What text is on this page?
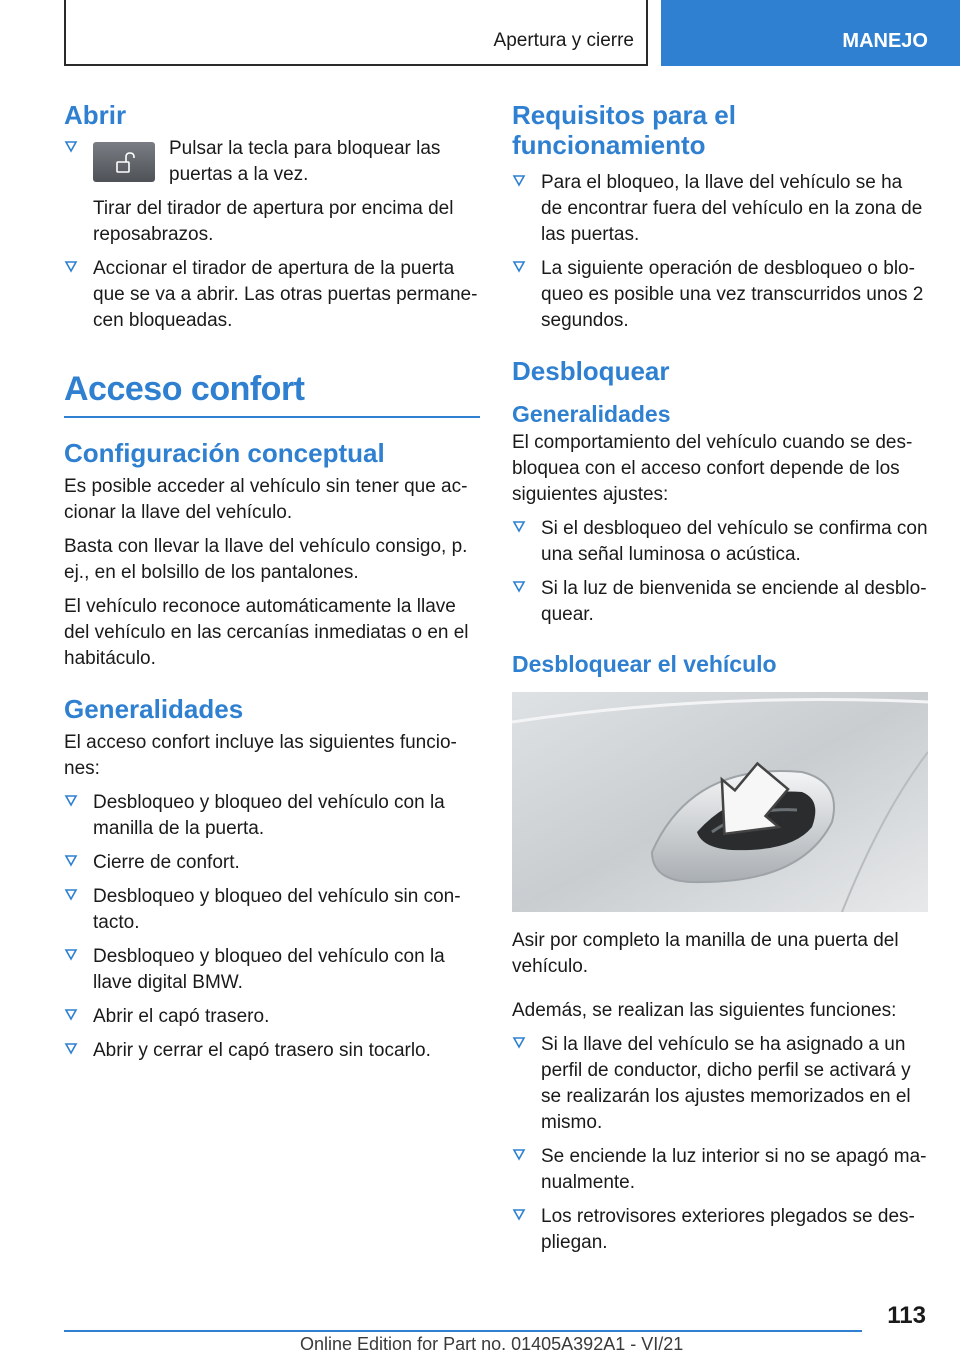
Apertura y cierre	MANEJO
Abrir
Pulsar la tecla para bloquear las puertas a la vez.

Tirar del tirador de apertura por encima del reposabrazos.

Accionar el tirador de apertura de la puerta que se va a abrir. Las otras puertas permane‐cen bloqueadas.
Acceso confort
Configuración conceptual

Es posible acceder al vehículo sin tener que ac‐cionar la llave del vehículo.

Basta con llevar la llave del vehículo consigo, p. ej., en el bolsillo de los pantalones.

El vehículo reconoce automáticamente la llave del vehículo en las cercanías inmediatas o en el habitáculo.

Generalidades

El acceso confort incluye las siguientes funcio‐nes:

Desbloqueo y bloqueo del vehículo con la manilla de la puerta.
Cierre de confort.
Desbloqueo y bloqueo del vehículo sin con‐tacto.
Desbloqueo y bloqueo del vehículo con la llave digital BMW.
Abrir el capó trasero.
Abrir y cerrar el capó trasero sin tocarlo.
Requisitos para el funcionamiento
Para el bloqueo, la llave del vehículo se ha de encontrar fuera del vehículo en la zona de las puertas.
La siguiente operación de desbloqueo o blo‐queo es posible una vez transcurridos unos 2 segundos.
Desbloquear
Generalidades

El comportamiento del vehículo cuando se des‐bloquea con el acceso confort depende de los siguientes ajustes:

Si el desbloqueo del vehículo se confirma con una señal luminosa o acústica.
Si la luz de bienvenida se enciende al desblo‐quear.
Desbloquear el vehículo

Asir por completo la manilla de una puerta del vehículo.

Además, se realizan las siguientes funciones:

Si la llave del vehículo se ha asignado a un perfil de conductor, dicho perfil se activará y se realizarán los ajustes memorizados en el mismo.
Se enciende la luz interior si no se apagó ma‐nualmente.
Los retrovisores exteriores plegados se des‐pliegan.
113
Online Edition for Part no. 01405A392A1 - VI/21
